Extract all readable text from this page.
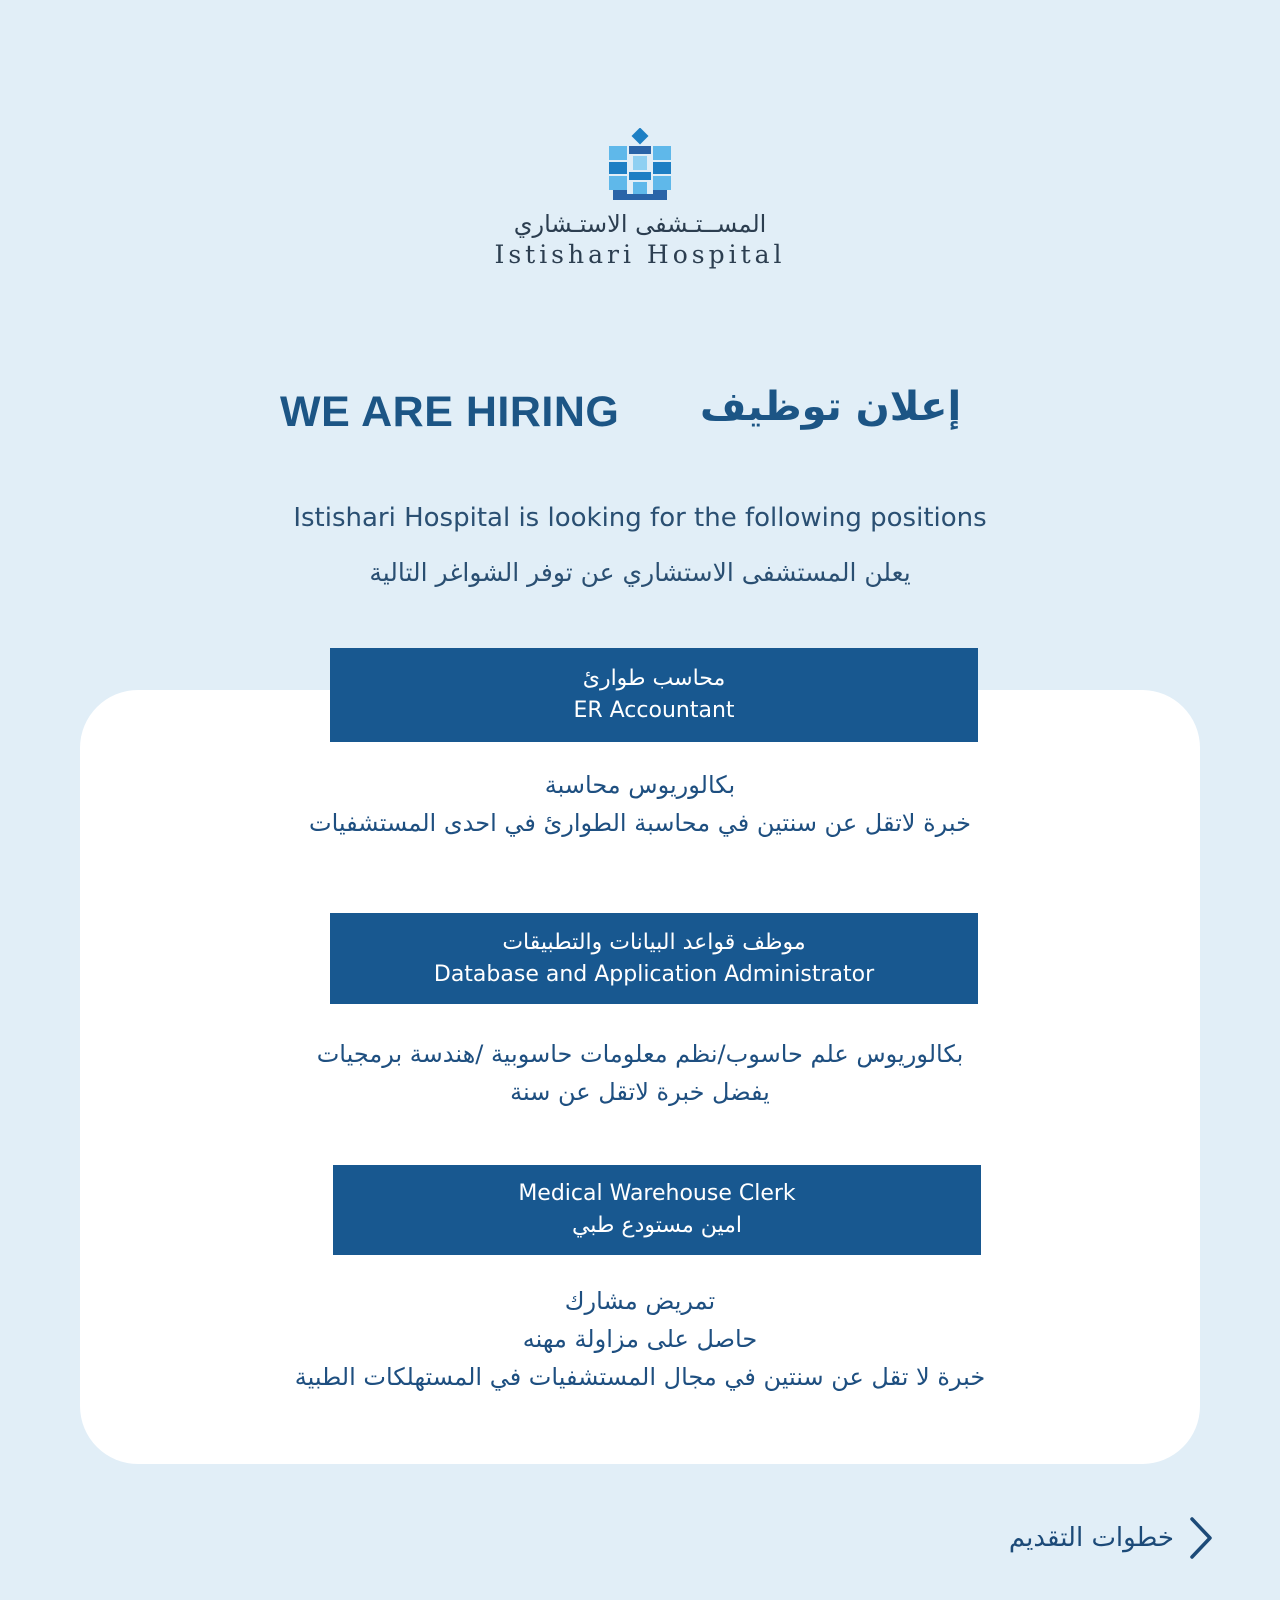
المســتـشفى الاستـشاري
Istishari Hospital
WE ARE HIRING إعلان توظيف
Istishari Hospital is looking for the following positions
يعلن المستشفى الاستشاري عن توفر الشواغر التالية
محاسب طوارئ
ER Accountant
بكالوريوس محاسبة
خبرة لاتقل عن سنتين في محاسبة الطوارئ في احدى المستشفيات
موظف قواعد البيانات والتطبيقات
Database and Application Administrator
بكالوريوس علم حاسوب/نظم معلومات حاسوبية /هندسة برمجيات
يفضل خبرة لاتقل عن سنة
Medical Warehouse Clerk
امين مستودع طبي
تمريض مشارك
حاصل على مزاولة مهنه
خبرة لا تقل عن سنتين في مجال المستشفيات في المستهلكات الطبية
خطوات التقديم
